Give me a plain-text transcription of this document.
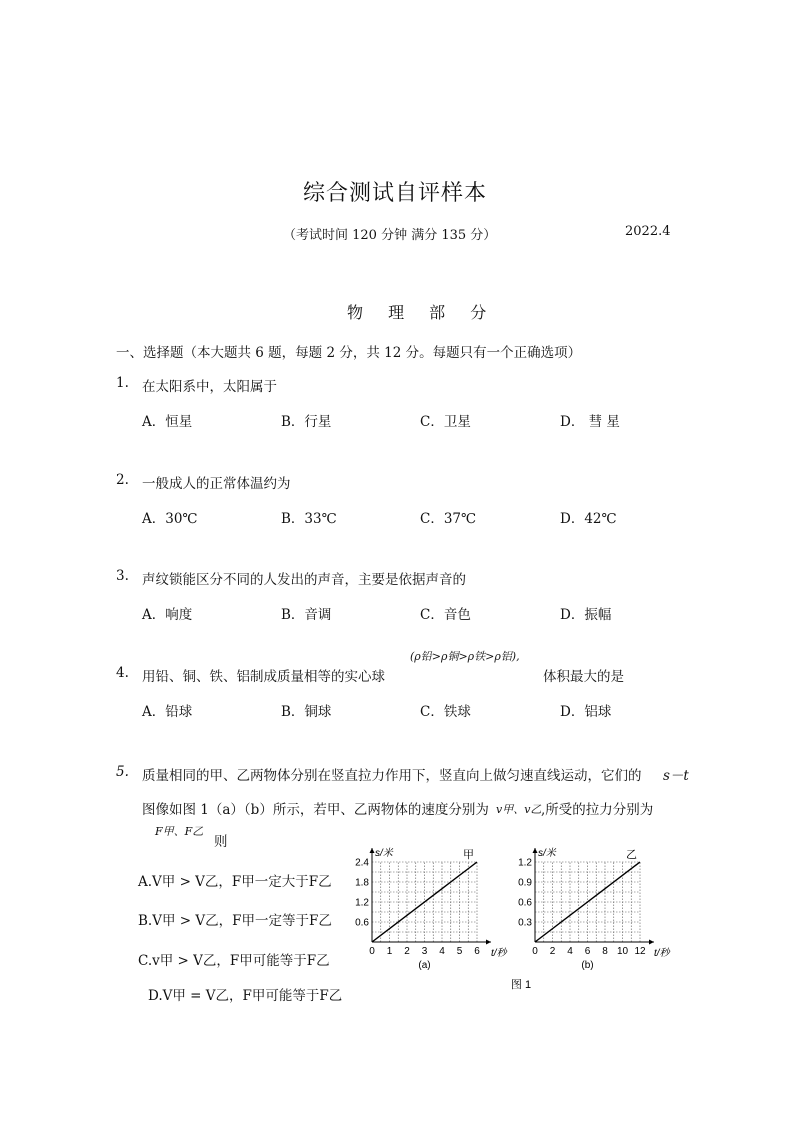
综合测试自评样本
（考试时间 120 分钟 满分 135 分）	2022.4
物 理 部 分
一、选择题（本大题共 6 题，每题 2 分，共 12 分。每题只有一个正确选项）
1. 在太阳系中，太阳属于
A．恒星	B．行星	C．卫星	D． 彗 星
2. 一般成人的正常体温约为
A．30℃	B．33℃	C．37℃	D．42℃
3. 声纹锁能区分不同的人发出的声音，主要是依据声音的
A．响度	B．音调	C．音色	D．振幅
(ρ铅>ρ铜>ρ铁>ρ铝),
4. 用铅、铜、铁、铝制成质量相等的实心球	体积最大的是
A．铅球	B．铜球	C．铁球	D．铝球
5. 质量相同的甲、乙两物体分别在竖直拉力作用下，竖直向上做匀速直线运动，它们的 s－t
图像如图 1（a）（b）所示，若甲、乙两物体的速度分别为 v甲、v乙 ,所受的拉力分别为
F甲、F乙
则
A.V甲 > V乙，F甲一定大于F乙
B.V甲 > V乙，F甲一定等于F乙
C.v甲 > V乙，F甲可能等于F乙
D.V甲 = V乙，F甲可能等于F乙
0 1 2 3 4 5 6
0.6
1.2
1.8
2.4
s/米
t/秒
甲
(a)
0 2 4 6 8 10 12
0.3
0.6
0.9
1.2
s/米
t/秒
乙
(b)
图 1
